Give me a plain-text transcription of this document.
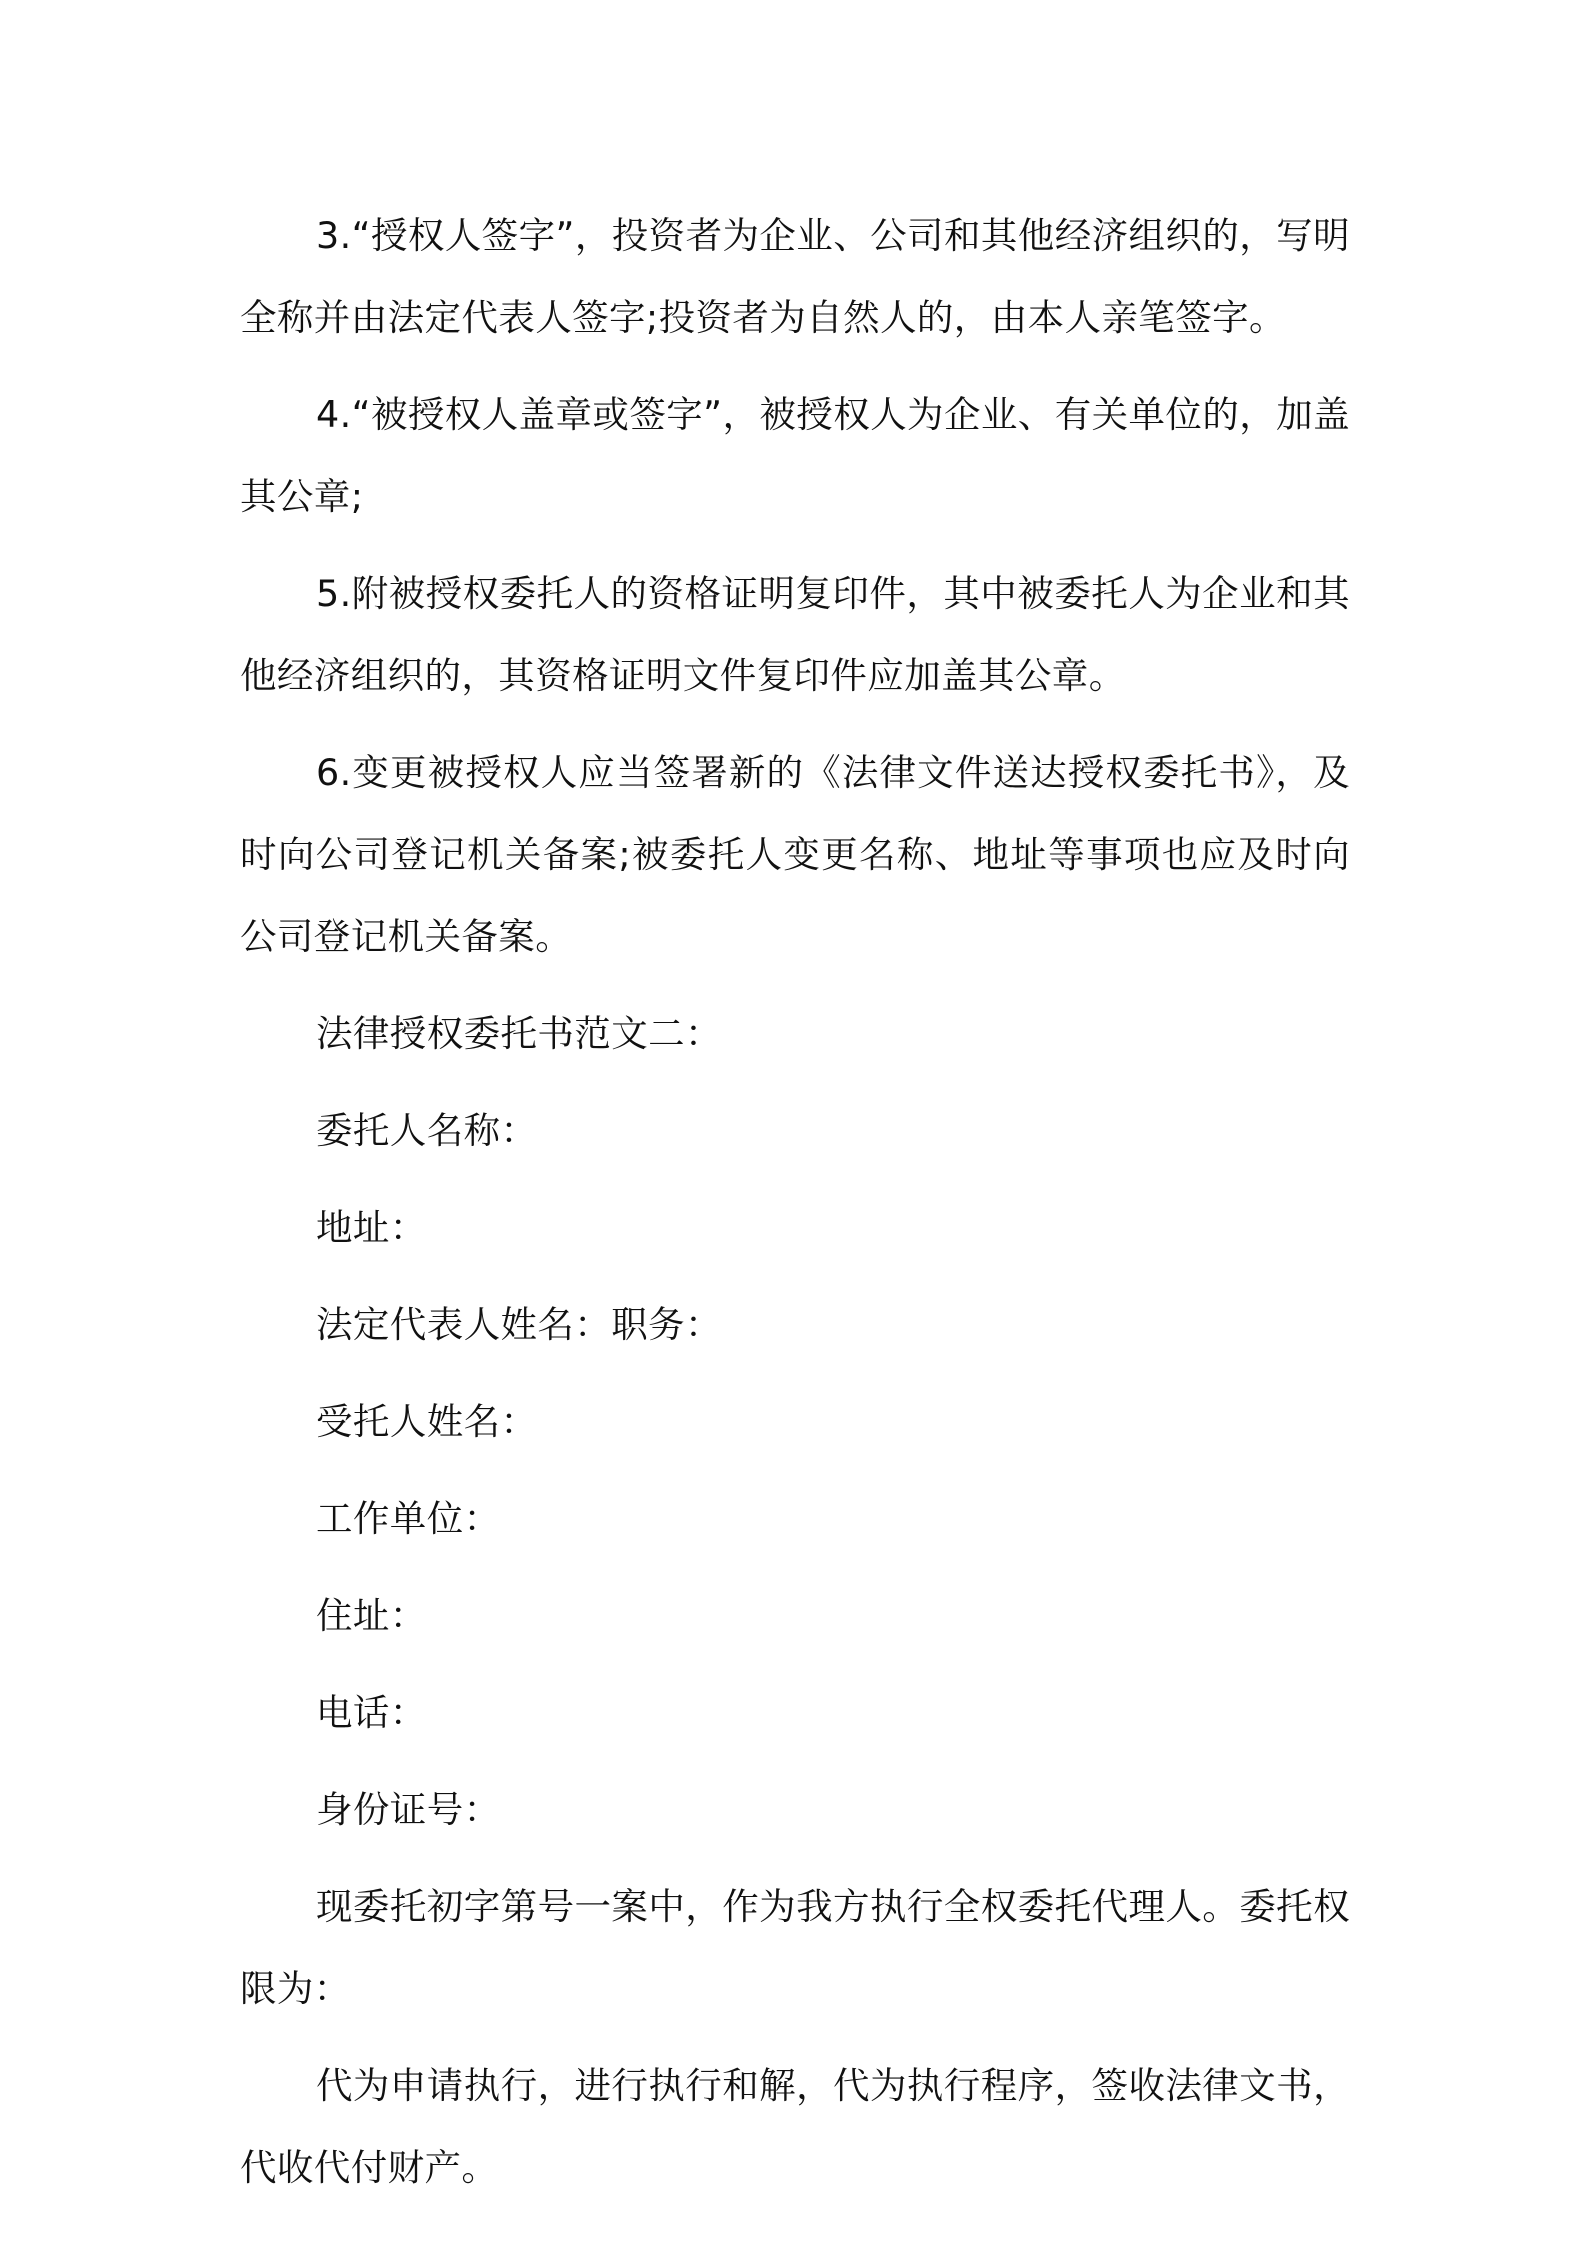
3.“授权人签字”，投资者为企业、公司和其他经济组织的，写明全称并由法定代表人签字;投资者为自然人的，由本人亲笔签字。

4.“被授权人盖章或签字”，被授权人为企业、有关单位的，加盖其公章;

5.附被授权委托人的资格证明复印件，其中被委托人为企业和其他经济组织的，其资格证明文件复印件应加盖其公章。

6.变更被授权人应当签署新的《法律文件送达授权委托书》，及时向公司登记机关备案;被委托人变更名称、地址等事项也应及时向公司登记机关备案。

法律授权委托书范文二：

委托人名称：

地址：

法定代表人姓名：职务：

受托人姓名：

工作单位：

住址：

电话：

身份证号：

现委托初字第号一案中，作为我方执行全权委托代理人。委托权限为：

代为申请执行，进行执行和解，代为执行程序，签收法律文书，代收代付财产。
